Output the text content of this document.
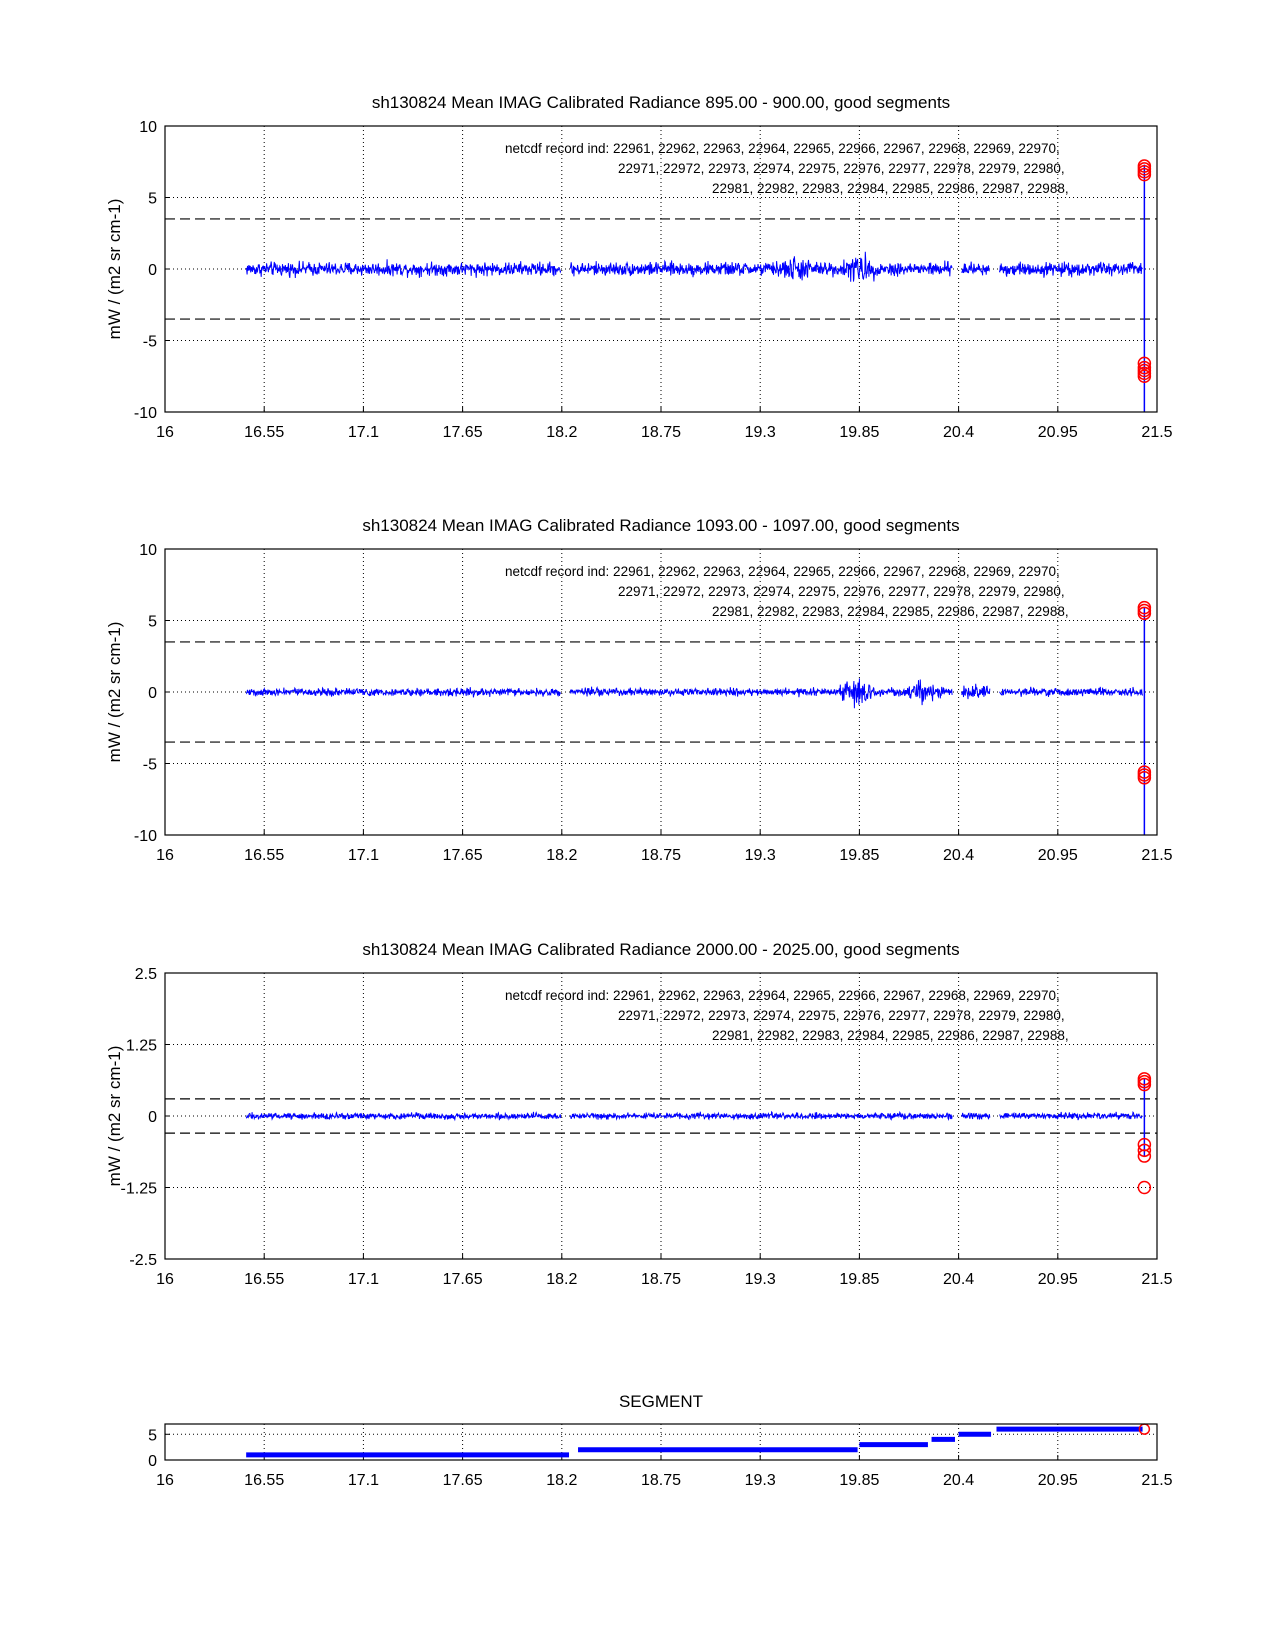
sh130824 Mean IMAG Calibrated Radiance 895.00 - 900.00, good segments
16	16.55	17.1	17.65	18.2	18.75	19.3	19.85	20.4	20.95	21.5
-10
-5
0
5
10
mW / (m2 sr cm-1)
netcdf record ind: 22961, 22962, 22963, 22964, 22965, 22966, 22967, 22968, 22969, 22970,
22971, 22972, 22973, 22974, 22975, 22976, 22977, 22978, 22979, 22980,
22981, 22982, 22983, 22984, 22985, 22986, 22987, 22988,
sh130824 Mean IMAG Calibrated Radiance 1093.00 - 1097.00, good segments
16	16.55	17.1	17.65	18.2	18.75	19.3	19.85	20.4	20.95	21.5
-10
-5
0
5
10
mW / (m2 sr cm-1)
netcdf record ind: 22961, 22962, 22963, 22964, 22965, 22966, 22967, 22968, 22969, 22970,
22971, 22972, 22973, 22974, 22975, 22976, 22977, 22978, 22979, 22980,
22981, 22982, 22983, 22984, 22985, 22986, 22987, 22988,
sh130824 Mean IMAG Calibrated Radiance 2000.00 - 2025.00, good segments
16	16.55	17.1	17.65	18.2	18.75	19.3	19.85	20.4	20.95	21.5
-2.5
-1.25
0
1.25
2.5
mW / (m2 sr cm-1)
netcdf record ind: 22961, 22962, 22963, 22964, 22965, 22966, 22967, 22968, 22969, 22970,
22971, 22972, 22973, 22974, 22975, 22976, 22977, 22978, 22979, 22980,
22981, 22982, 22983, 22984, 22985, 22986, 22987, 22988,
SEGMENT
16	16.55	17.1	17.65	18.2	18.75	19.3	19.85	20.4	20.95	21.5
0
5
